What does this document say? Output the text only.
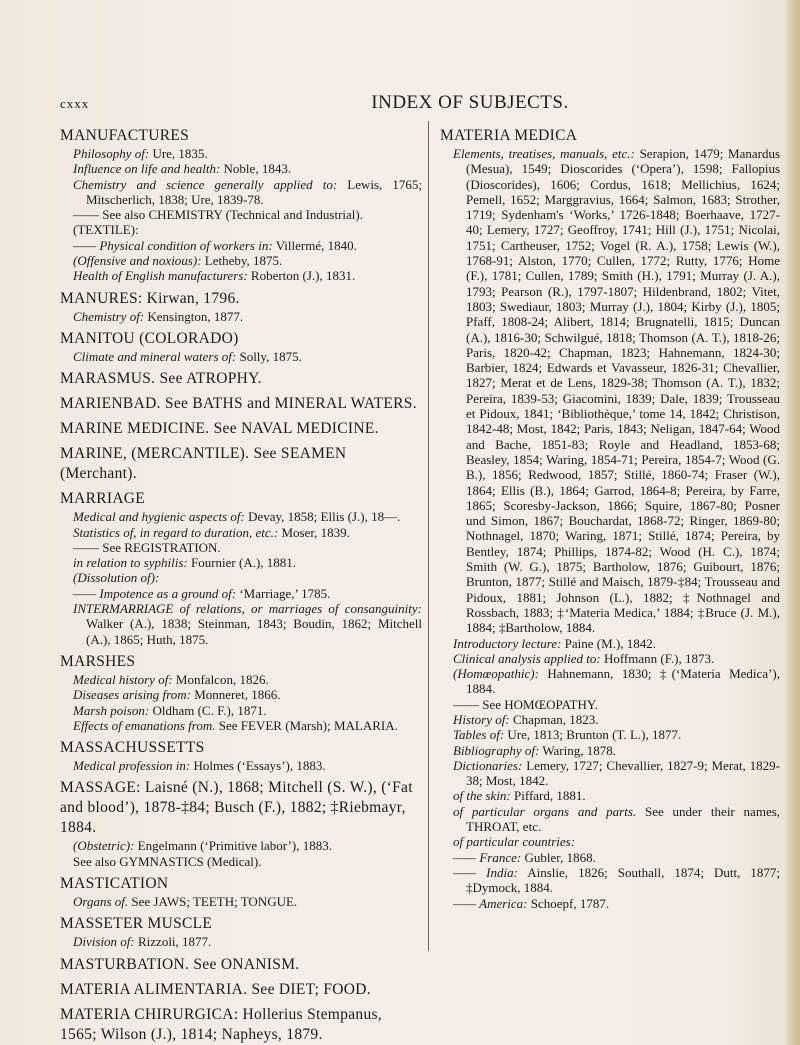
cxxx	INDEX OF SUBJECTS.
MANUFACTURES
Philosophy of: Ure, 1835.
Influence on life and health: Noble, 1843.
Chemistry and science generally applied to: Lewis, 1765; Mitscherlich, 1838; Ure, 1839-78.
—— See also CHEMISTRY (Technical and Industrial).
(TEXTILE):
—— Physical condition of workers in: Villermé, 1840.
(Offensive and noxious): Letheby, 1875.
Health of English manufacturers: Roberton (J.), 1831.
MANURES: Kirwan, 1796.
Chemistry of: Kensington, 1877.
MANITOU (COLORADO)
Climate and mineral waters of: Solly, 1875.
MARASMUS. See ATROPHY.
MARIENBAD. See BATHS and MINERAL WATERS.
MARINE MEDICINE. See NAVAL MEDICINE.
MARINE, (MERCANTILE). See SEAMEN (Merchant).
MARRIAGE
Medical and hygienic aspects of: Devay, 1858; Ellis (J.), 18—.
Statistics of, in regard to duration, etc.: Moser, 1839.
—— See REGISTRATION.
in relation to syphilis: Fournier (A.), 1881.
(Dissolution of):
—— Impotence as a ground of: ‘Marriage,’ 1785.
INTERMARRIAGE of relations, or marriages of consanguinity: Walker (A.), 1838; Steinman, 1843; Boudin, 1862; Mitchell (A.), 1865; Huth, 1875.
MARSHES
Medical history of: Monfalcon, 1826.
Diseases arising from: Monneret, 1866.
Marsh poison: Oldham (C. F.), 1871.
Effects of emanations from. See FEVER (Marsh); MALARIA.
MASSACHUSSETTS
Medical profession in: Holmes (‘Essays’), 1883.
MASSAGE: Laisné (N.), 1868; Mitchell (S. W.), (‘Fat and blood’), 1878-‡84; Busch (F.), 1882; ‡Riebmayr, 1884.
(Obstetric): Engelmann (‘Primitive labor’), 1883.
See also GYMNASTICS (Medical).
MASTICATION
Organs of. See JAWS; TEETH; TONGUE.
MASSETER MUSCLE
Division of: Rizzoli, 1877.
MASTURBATION. See ONANISM.
MATERIA ALIMENTARIA. See DIET; FOOD.
MATERIA CHIRURGICA: Hollerius Stempanus, 1565; Wilson (J.), 1814; Napheys, 1879.
MATERIA MEDICA
Elements, treatises, manuals, etc.: Serapion, 1479; Manardus (Mesua), 1549; Dioscorides (‘Opera’), 1598; Fallopius (Dioscorides), 1606; Cordus, 1618; Mellichius, 1624; Pemell, 1652; Marggravius, 1664; Salmon, 1683; Strother, 1719; Sydenham's ‘Works,’ 1726-1848; Boerhaave, 1727-40; Lemery, 1727; Geoffroy, 1741; Hill (J.), 1751; Nicolai, 1751; Cartheuser, 1752; Vogel (R. A.), 1758; Lewis (W.), 1768-91; Alston, 1770; Cullen, 1772; Rutty, 1776; Home (F.), 1781; Cullen, 1789; Smith (H.), 1791; Murray (J. A.), 1793; Pearson (R.), 1797-1807; Hildenbrand, 1802; Vitet, 1803; Swediaur, 1803; Murray (J.), 1804; Kirby (J.), 1805; Pfaff, 1808-24; Alibert, 1814; Brugnatelli, 1815; Duncan (A.), 1816-30; Schwilgué, 1818; Thomson (A. T.), 1818-26; Paris, 1820-42; Chapman, 1823; Hahnemann, 1824-30; Barbier, 1824; Edwards et Vavasseur, 1826-31; Chevallier, 1827; Merat et de Lens, 1829-38; Thomson (A. T.), 1832; Pereira, 1839-53; Giacomini, 1839; Dale, 1839; Trousseau et Pidoux, 1841; ‘Bibliothèque,’ tome 14, 1842; Christison, 1842-48; Most, 1842; Paris, 1843; Neligan, 1847-64; Wood and Bache, 1851-83; Royle and Headland, 1853-68; Beasley, 1854; Waring, 1854-71; Pereira, 1854-7; Wood (G. B.), 1856; Redwood, 1857; Stillé, 1860-74; Fraser (W.), 1864; Ellis (B.), 1864; Garrod, 1864-8; Pereira, by Farre, 1865; Scoresby-Jackson, 1866; Squire, 1867-80; Posner und Simon, 1867; Bouchardat, 1868-72; Ringer, 1869-80; Nothnagel, 1870; Waring, 1871; Stillé, 1874; Pereira, by Bentley, 1874; Phillips, 1874-82; Wood (H. C.), 1874; Smith (W. G.), 1875; Bartholow, 1876; Guibourt, 1876; Brunton, 1877; Stillé and Maisch, 1879-‡84; Trousseau and Pidoux, 1881; Johnson (L.), 1882; ‡Nothnagel and Rossbach, 1883; ‡‘Materia Medica,’ 1884; ‡Bruce (J. M.), 1884; ‡Bartholow, 1884.
Introductory lecture: Paine (M.), 1842.
Clinical analysis applied to: Hoffmann (F.), 1873.
(Homœopathic): Hahnemann, 1830; ‡(‘Materia Medica’), 1884.
—— See HOMŒOPATHY.
History of: Chapman, 1823.
Tables of: Ure, 1813; Brunton (T. L.), 1877.
Bibliography of: Waring, 1878.
Dictionaries: Lemery, 1727; Chevallier, 1827-9; Merat, 1829-38; Most, 1842.
of the skin: Piffard, 1881.
of particular organs and parts. See under their names, THROAT, etc.
of particular countries:
—— France: Gubler, 1868.
—— India: Ainslie, 1826; Southall, 1874; Dutt, 1877; ‡Dymock, 1884.
—— America: Schoepf, 1787.
